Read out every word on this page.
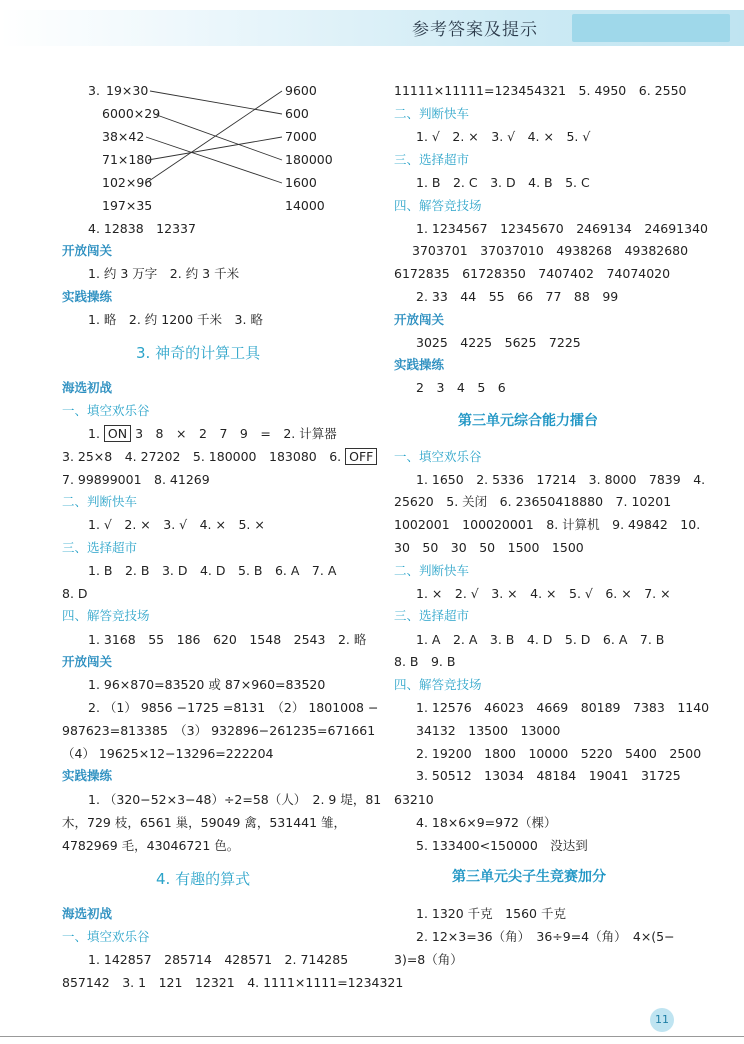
参考答案及提示
3. 19×30
6000×29
38×42
71×180
102×96
197×35
9600
600
7000
180000
1600
14000
4. 12838　12337
开放闯关
1. 约 3 万字　2. 约 3 千米
实践操练
1. 略　2. 约 1200 千米　3. 略
3. 神奇的计算工具
海选初战
一、填空欢乐谷
1. ON 3　8　×　2　7　9　=　2. 计算器
3. 25×8　4. 27202　5. 180000　183080　6. OFF
7. 99899001　8. 41269
二、判断快车
1. √　2. ×　3. √　4. ×　5. ×
三、选择超市
1. B　2. B　3. D　4. D　5. B　6. A　7. A
8. D
四、解答竞技场
1. 3168　55　186　620　1548　2543　2. 略
开放闯关
1. 96×870=83520 或 87×960=83520
2. （1） 9856 −1725 =8131　（2） 1801008 −
987623=813385　（3） 932896−261235=671661
（4） 19625×12−13296=222204
实践操练
1. （320−52×3−48）÷2=58（人）　2. 9 堤，81
木，729 枝，6561 巢，59049 禽，531441 雏，
4782969 毛，43046721 色。
4. 有趣的算式
海选初战
一、填空欢乐谷
1. 142857　285714　428571　2. 714285
857142　3. 1　121　12321　4. 1111×1111=1234321
11111×11111=123454321　5. 4950　6. 2550
二、判断快车
1. √　2. ×　3. √　4. ×　5. √
三、选择超市
1. B　2. C　3. D　4. B　5. C
四、解答竞技场
1. 1234567　12345670　2469134　24691340
3703701　37037010　4938268　49382680
6172835　61728350　7407402　74074020
2. 33　44　55　66　77　88　99
开放闯关
3025　4225　5625　7225
实践操练
2　3　4　5　6
第三单元综合能力擂台
一、填空欢乐谷
1. 1650　2. 5336　17214　3. 8000　7839　4.
25620　5. 关闭　6. 23650418880　7. 10201
1002001　100020001　8. 计算机　9. 49842　10.
30　50　30　50　1500　1500
二、判断快车
1. ×　2. √　3. ×　4. ×　5. √　6. ×　7. ×
三、选择超市
1. A　2. A　3. B　4. D　5. D　6. A　7. B
8. B　9. B
四、解答竞技场
1. 12576　46023　4669　80189　7383　1140
34132　13500　13000
2. 19200　1800　10000　5220　5400　2500
3. 50512　13034　48184　19041　31725
63210
4. 18×6×9=972（棵）
5. 133400<150000　没达到
第三单元尖子生竞赛加分
1. 1320 千克　1560 千克
2. 12×3=36（角）　36÷9=4（角）　4×(5−
3)=8（角）
11
